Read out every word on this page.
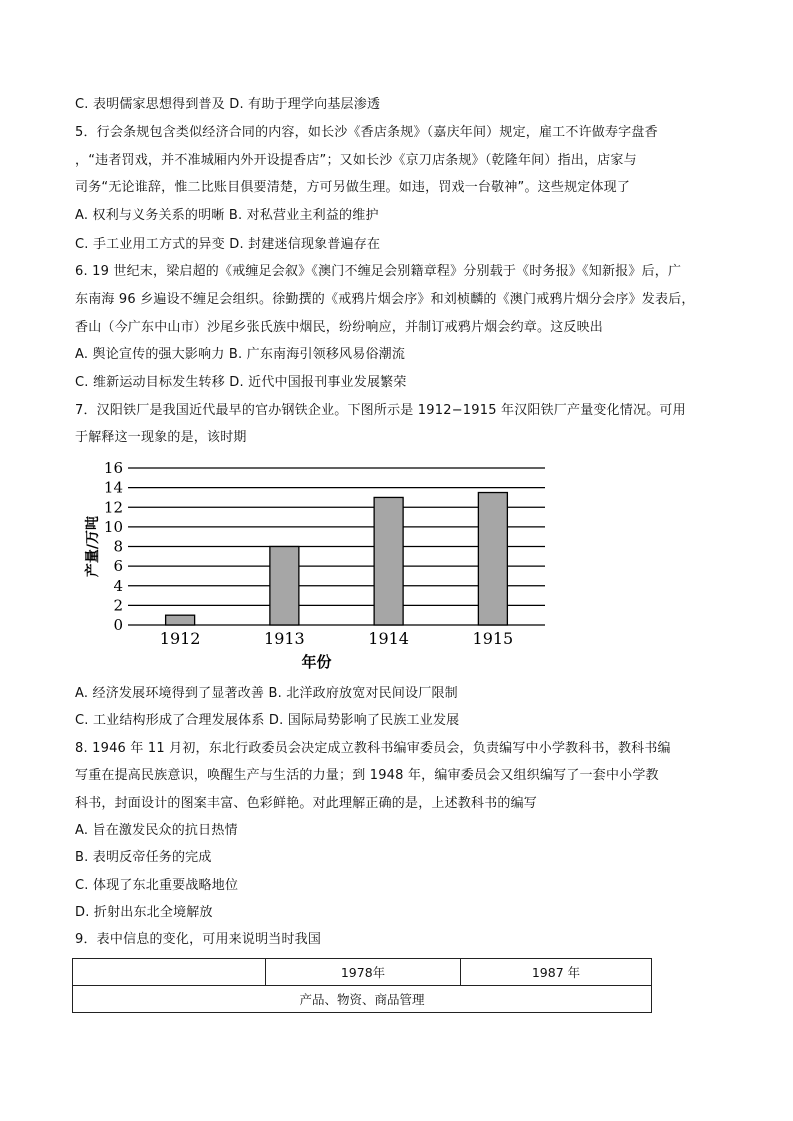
C. 表明儒家思想得到普及 D. 有助于理学向基层渗透
5．行会条规包含类似经济合同的内容，如长沙《香店条规》（嘉庆年间）规定，雇工不许做寿字盘香
，“违者罚戏，并不准城厢内外开设提香店”；又如长沙《京刀店条规》（乾隆年间）指出，店家与
司务“无论谁辞，惟二比账目俱要清楚，方可另做生理。如违，罚戏一台敬神”。这些规定体现了
A. 权利与义务关系的明晰 B. 对私营业主利益的维护
C. 手工业用工方式的异变 D. 封建迷信现象普遍存在
6. 19 世纪末，梁启超的《戒缠足会叙》《澳门不缠足会别籍章程》分别载于《时务报》《知新报》后，广
东南海 96 乡遍设不缠足会组织。徐勤撰的《戒鸦片烟会序》和刘桢麟的《澳门戒鸦片烟分会序》发表后，
香山（今广东中山市）沙尾乡张氏族中烟民，纷纷响应，并制订戒鸦片烟会约章。这反映出
A. 舆论宣传的强大影响力 B. 广东南海引领移风易俗潮流
C. 维新运动目标发生转移 D. 近代中国报刊事业发展繁荣
7．汉阳铁厂是我国近代最早的官办钢铁企业。下图所示是 1912−1915 年汉阳铁厂产量变化情况。可用
于解释这一现象的是，该时期
A. 经济发展环境得到了显著改善 B. 北洋政府放宽对民间设厂限制
C. 工业结构形成了合理发展体系 D. 国际局势影响了民族工业发展
8. 1946 年 11 月初，东北行政委员会决定成立教科书编审委员会，负责编写中小学教科书，教科书编
写重在提高民族意识，唤醒生产与生活的力量；到 1948 年，编审委员会又组织编写了一套中小学教
科书，封面设计的图案丰富、色彩鲜艳。对此理解正确的是，上述教科书的编写
A. 旨在激发民众的抗日热情
B. 表明反帝任务的完成
C. 体现了东北重要战略地位
D. 折射出东北全境解放
9．表中信息的变化，可用来说明当时我国
0
2
4
6
8
10
12
14
16
1912	1913	1914	1915
年份
产量/万吨
	1978年	1987 年
产品、物资、商品管理
